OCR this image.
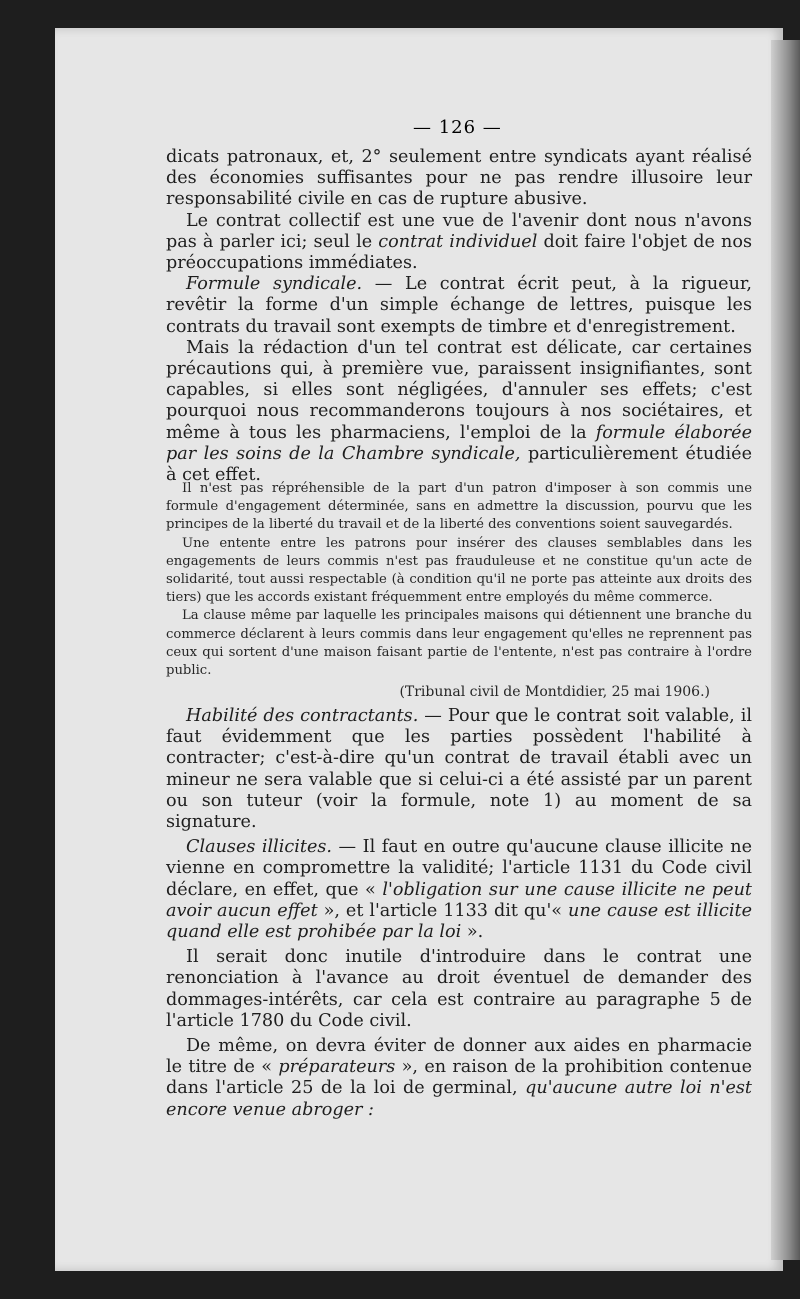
— 126 —

dicats patronaux, et, 2° seulement entre syndicats ayant réalisé des économies suffisantes pour ne pas rendre illusoire leur responsabilité civile en cas de rupture abusive.

Le contrat collectif est une vue de l'avenir dont nous n'avons pas à parler ici; seul le contrat individuel doit faire l'objet de nos préoccupations immédiates.

Formule syndicale. — Le contrat écrit peut, à la rigueur, revêtir la forme d'un simple échange de lettres, puisque les contrats du travail sont exempts de timbre et d'enregistrement.

Mais la rédaction d'un tel contrat est délicate, car certaines précautions qui, à première vue, paraissent insignifiantes, sont capables, si elles sont négligées, d'annuler ses effets; c'est pourquoi nous recommanderons toujours à nos sociétaires, et même à tous les pharmaciens, l'emploi de la formule élaborée par les soins de la Chambre syndicale, particulièrement étudiée à cet effet.

Il n'est pas répréhensible de la part d'un patron d'imposer à son commis une formule d'engagement déterminée, sans en admettre la discussion, pourvu que les principes de la liberté du travail et de la liberté des conventions soient sauvegardés.

Une entente entre les patrons pour insérer des clauses semblables dans les engagements de leurs commis n'est pas frauduleuse et ne constitue qu'un acte de solidarité, tout aussi respectable (à condition qu'il ne porte pas atteinte aux droits des tiers) que les accords existant fréquemment entre employés du même commerce.

La clause même par laquelle les principales maisons qui détiennent une branche du commerce déclarent à leurs commis dans leur engagement qu'elles ne reprennent pas ceux qui sortent d'une maison faisant partie de l'entente, n'est pas contraire à l'ordre public.

(Tribunal civil de Montdidier, 25 mai 1906.)

Habilité des contractants. — Pour que le contrat soit valable, il faut évidemment que les parties possèdent l'habilité à contracter; c'est-à-dire qu'un contrat de travail établi avec un mineur ne sera valable que si celui-ci a été assisté par un parent ou son tuteur (voir la formule, note 1) au moment de sa signature.

Clauses illicites. — Il faut en outre qu'aucune clause illicite ne vienne en compromettre la validité; l'article 1131 du Code civil déclare, en effet, que « l'obligation sur une cause illicite ne peut avoir aucun effet », et l'article 1133 dit qu'« une cause est illicite quand elle est prohibée par la loi ».

Il serait donc inutile d'introduire dans le contrat une renonciation à l'avance au droit éventuel de demander des dommages-intérêts, car cela est contraire au paragraphe 5 de l'article 1780 du Code civil.

De même, on devra éviter de donner aux aides en pharmacie le titre de « préparateurs », en raison de la prohibition contenue dans l'article 25 de la loi de germinal, qu'aucune autre loi n'est encore venue abroger :
